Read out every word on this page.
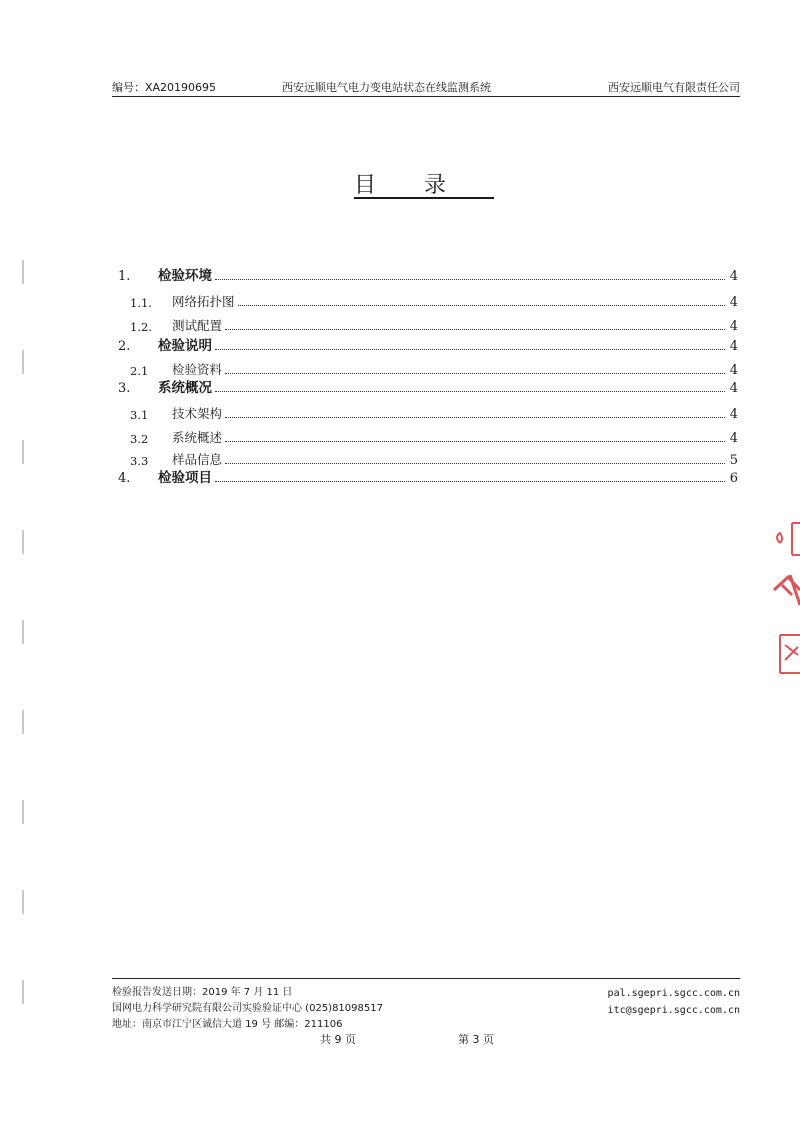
编号：XA20190695	西安远顺电气电力变电站状态在线监测系统	西安远顺电气有限责任公司
目录
1.	检验环境	4
1.1.	网络拓扑图	4
1.2.	测试配置	4
2.	检验说明	4
2.1	检验资料	4
3.	系统概况	4
3.1	技术架构	4
3.2	系统概述	4
3.3	样品信息	5
4.	检验项目	6
检验报告发送日期：2019 年 7 月 11 日
国网电力科学研究院有限公司实验验证中心 (025)81098517
地址：南京市江宁区诚信大道 19 号 邮编：211106
pal.sgepri.sgcc.com.cn
itc@sgepri.sgcc.com.cn
共 9 页	第 3 页
